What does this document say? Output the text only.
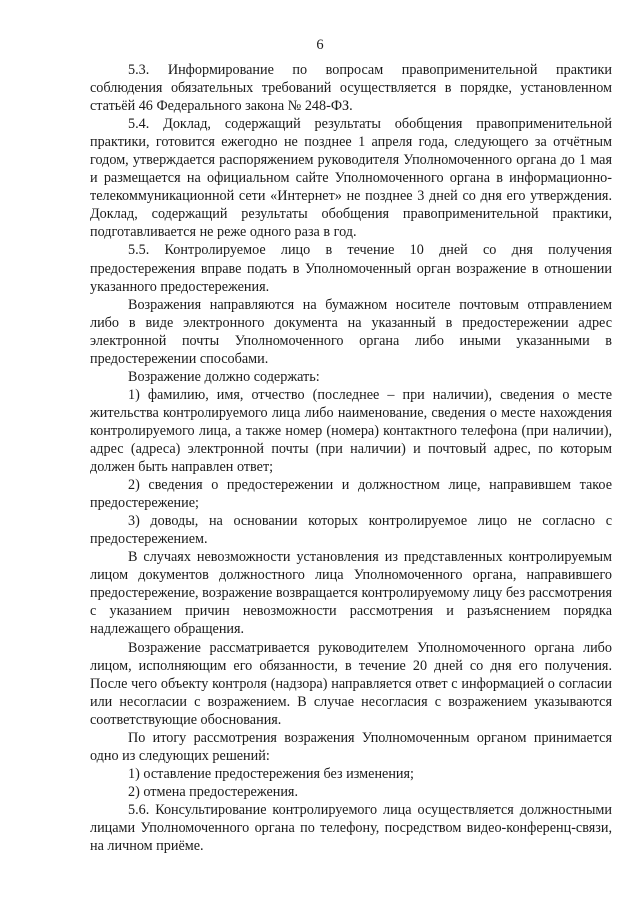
6

5.3. Информирование по вопросам правоприменительной практики соблюдения обязательных требований осуществляется в порядке, установленном статьёй 46 Федерального закона № 248-ФЗ.

5.4. Доклад, содержащий результаты обобщения правоприменительной практики, готовится ежегодно не позднее 1 апреля года, следующего за отчётным годом, утверждается распоряжением руководителя Уполномоченного органа до 1 мая и размещается на официальном сайте Уполномоченного органа в информационно-телекоммуникационной сети «Интернет» не позднее 3 дней со дня его утверждения. Доклад, содержащий результаты обобщения правоприменительной практики, подготавливается не реже одного раза в год.

5.5. Контролируемое лицо в течение 10 дней со дня получения предостережения вправе подать в Уполномоченный орган возражение в отношении указанного предостережения.

Возражения направляются на бумажном носителе почтовым отправлением либо в виде электронного документа на указанный в предостережении адрес электронной почты Уполномоченного органа либо иными указанными в предостережении способами.

Возражение должно содержать:

1) фамилию, имя, отчество (последнее – при наличии), сведения о месте жительства контролируемого лица либо наименование, сведения о месте нахождения контролируемого лица, а также номер (номера) контактного телефона (при наличии), адрес (адреса) электронной почты (при наличии) и почтовый адрес, по которым должен быть направлен ответ;

2) сведения о предостережении и должностном лице, направившем такое предостережение;

3) доводы, на основании которых контролируемое лицо не согласно с предостережением.

В случаях невозможности установления из представленных контролируемым лицом документов должностного лица Уполномоченного органа, направившего предостережение, возражение возвращается контролируемому лицу без рассмотрения с указанием причин невозможности рассмотрения и разъяснением порядка надлежащего обращения.

Возражение рассматривается руководителем Уполномоченного органа либо лицом, исполняющим его обязанности, в течение 20 дней со дня его получения. После чего объекту контроля (надзора) направляется ответ с информацией о согласии или несогласии с возражением. В случае несогласия с возражением указываются соответствующие обоснования.

По итогу рассмотрения возражения Уполномоченным органом принимается одно из следующих решений:

1) оставление предостережения без изменения;

2) отмена предостережения.

5.6. Консультирование контролируемого лица осуществляется должностными лицами Уполномоченного органа по телефону, посредством видео-конференц-связи, на личном приёме.
